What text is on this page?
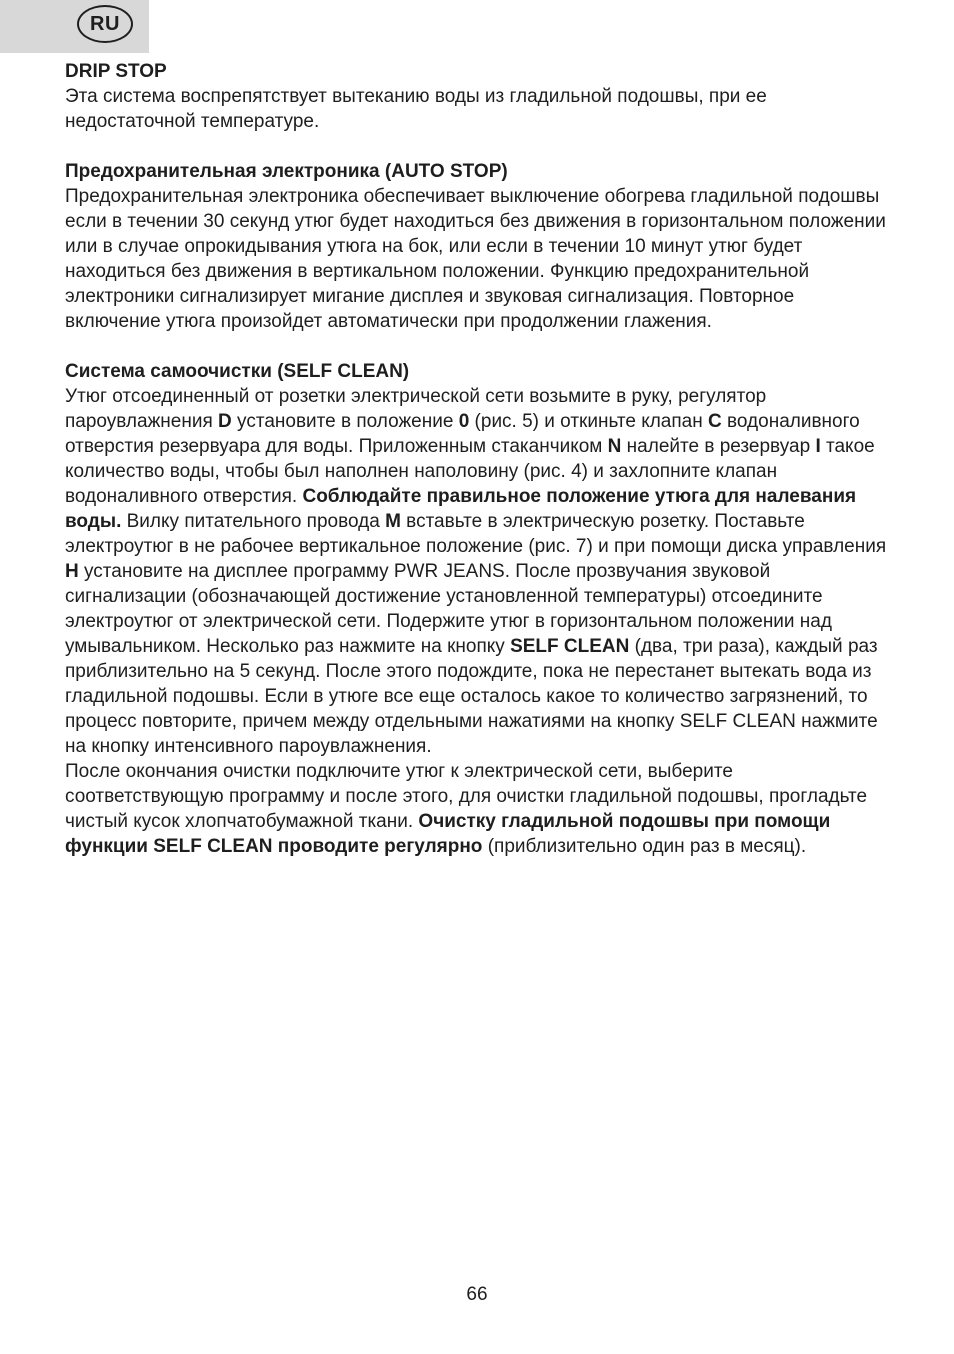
RU
DRIP STOP

Эта система воспрепятствует вытеканию воды из гладильной подошвы, при ее недостаточной температуре.

Предохранительная электроника (AUTO STOP)

Предохранительная электроника обеспечивает выключение обогрева гладильной подошвы если в течении 30 секунд утюг будет находиться без движения в горизонтальном положении или в случае опрокидывания утюга на бок, или если в течении 10 минут утюг будет находиться без движения в вертикальном положении. Функцию предохранительной электроники сигнализирует мигание дисплея и звуковая сигнализация. Повторное включение утюга произойдет автоматически при продолжении глажения.

Система самоочистки (SELF CLEAN)

Утюг отсоединенный от розетки электрической сети возьмите в руку, регулятор пароувлажнения D установите в положение 0 (рис. 5) и откиньте клапан C водоналивного отверстия резервуара для воды. Приложенным стаканчиком N налейте в резервуар I такое количество воды, чтобы был наполнен наполовину (рис. 4) и захлопните клапан водоналивного отверстия. Соблюдайте правильное положение утюга для налевания воды. Вилку питательного провода M вставьте в электрическую розетку. Поставьте электроутюг в не рабочее вертикальное положение (рис. 7) и при помощи диска управления H установите на дисплее программу PWR JEANS. После прозвучания звуковой сигнализации (обозначающей достижение установленной температуры) отсоедините электроутюг от электрической сети. Подержите утюг в горизонтальном положении над умывальником. Несколько раз нажмите на кнопку SELF CLEAN (два, три раза), каждый раз приблизительно на 5 секунд. После этого подождите, пока не перестанет вытекать вода из гладильной подошвы. Если в утюге все еще осталось какое то количество загрязнений, то процесс повторите, причем между отдельными нажатиями на кнопку SELF CLEAN нажмите на кнопку интенсивного пароувлажнения.

После окончания очистки подключите утюг к электрической сети, выберите соответствующую программу и после этого, для очистки гладильной подошвы, прогладьте чистый кусок хлопчатобумажной ткани. Очистку гладильной подошвы при помощи функции SELF CLEAN проводите регулярно (приблизительно один раз в месяц).

66
